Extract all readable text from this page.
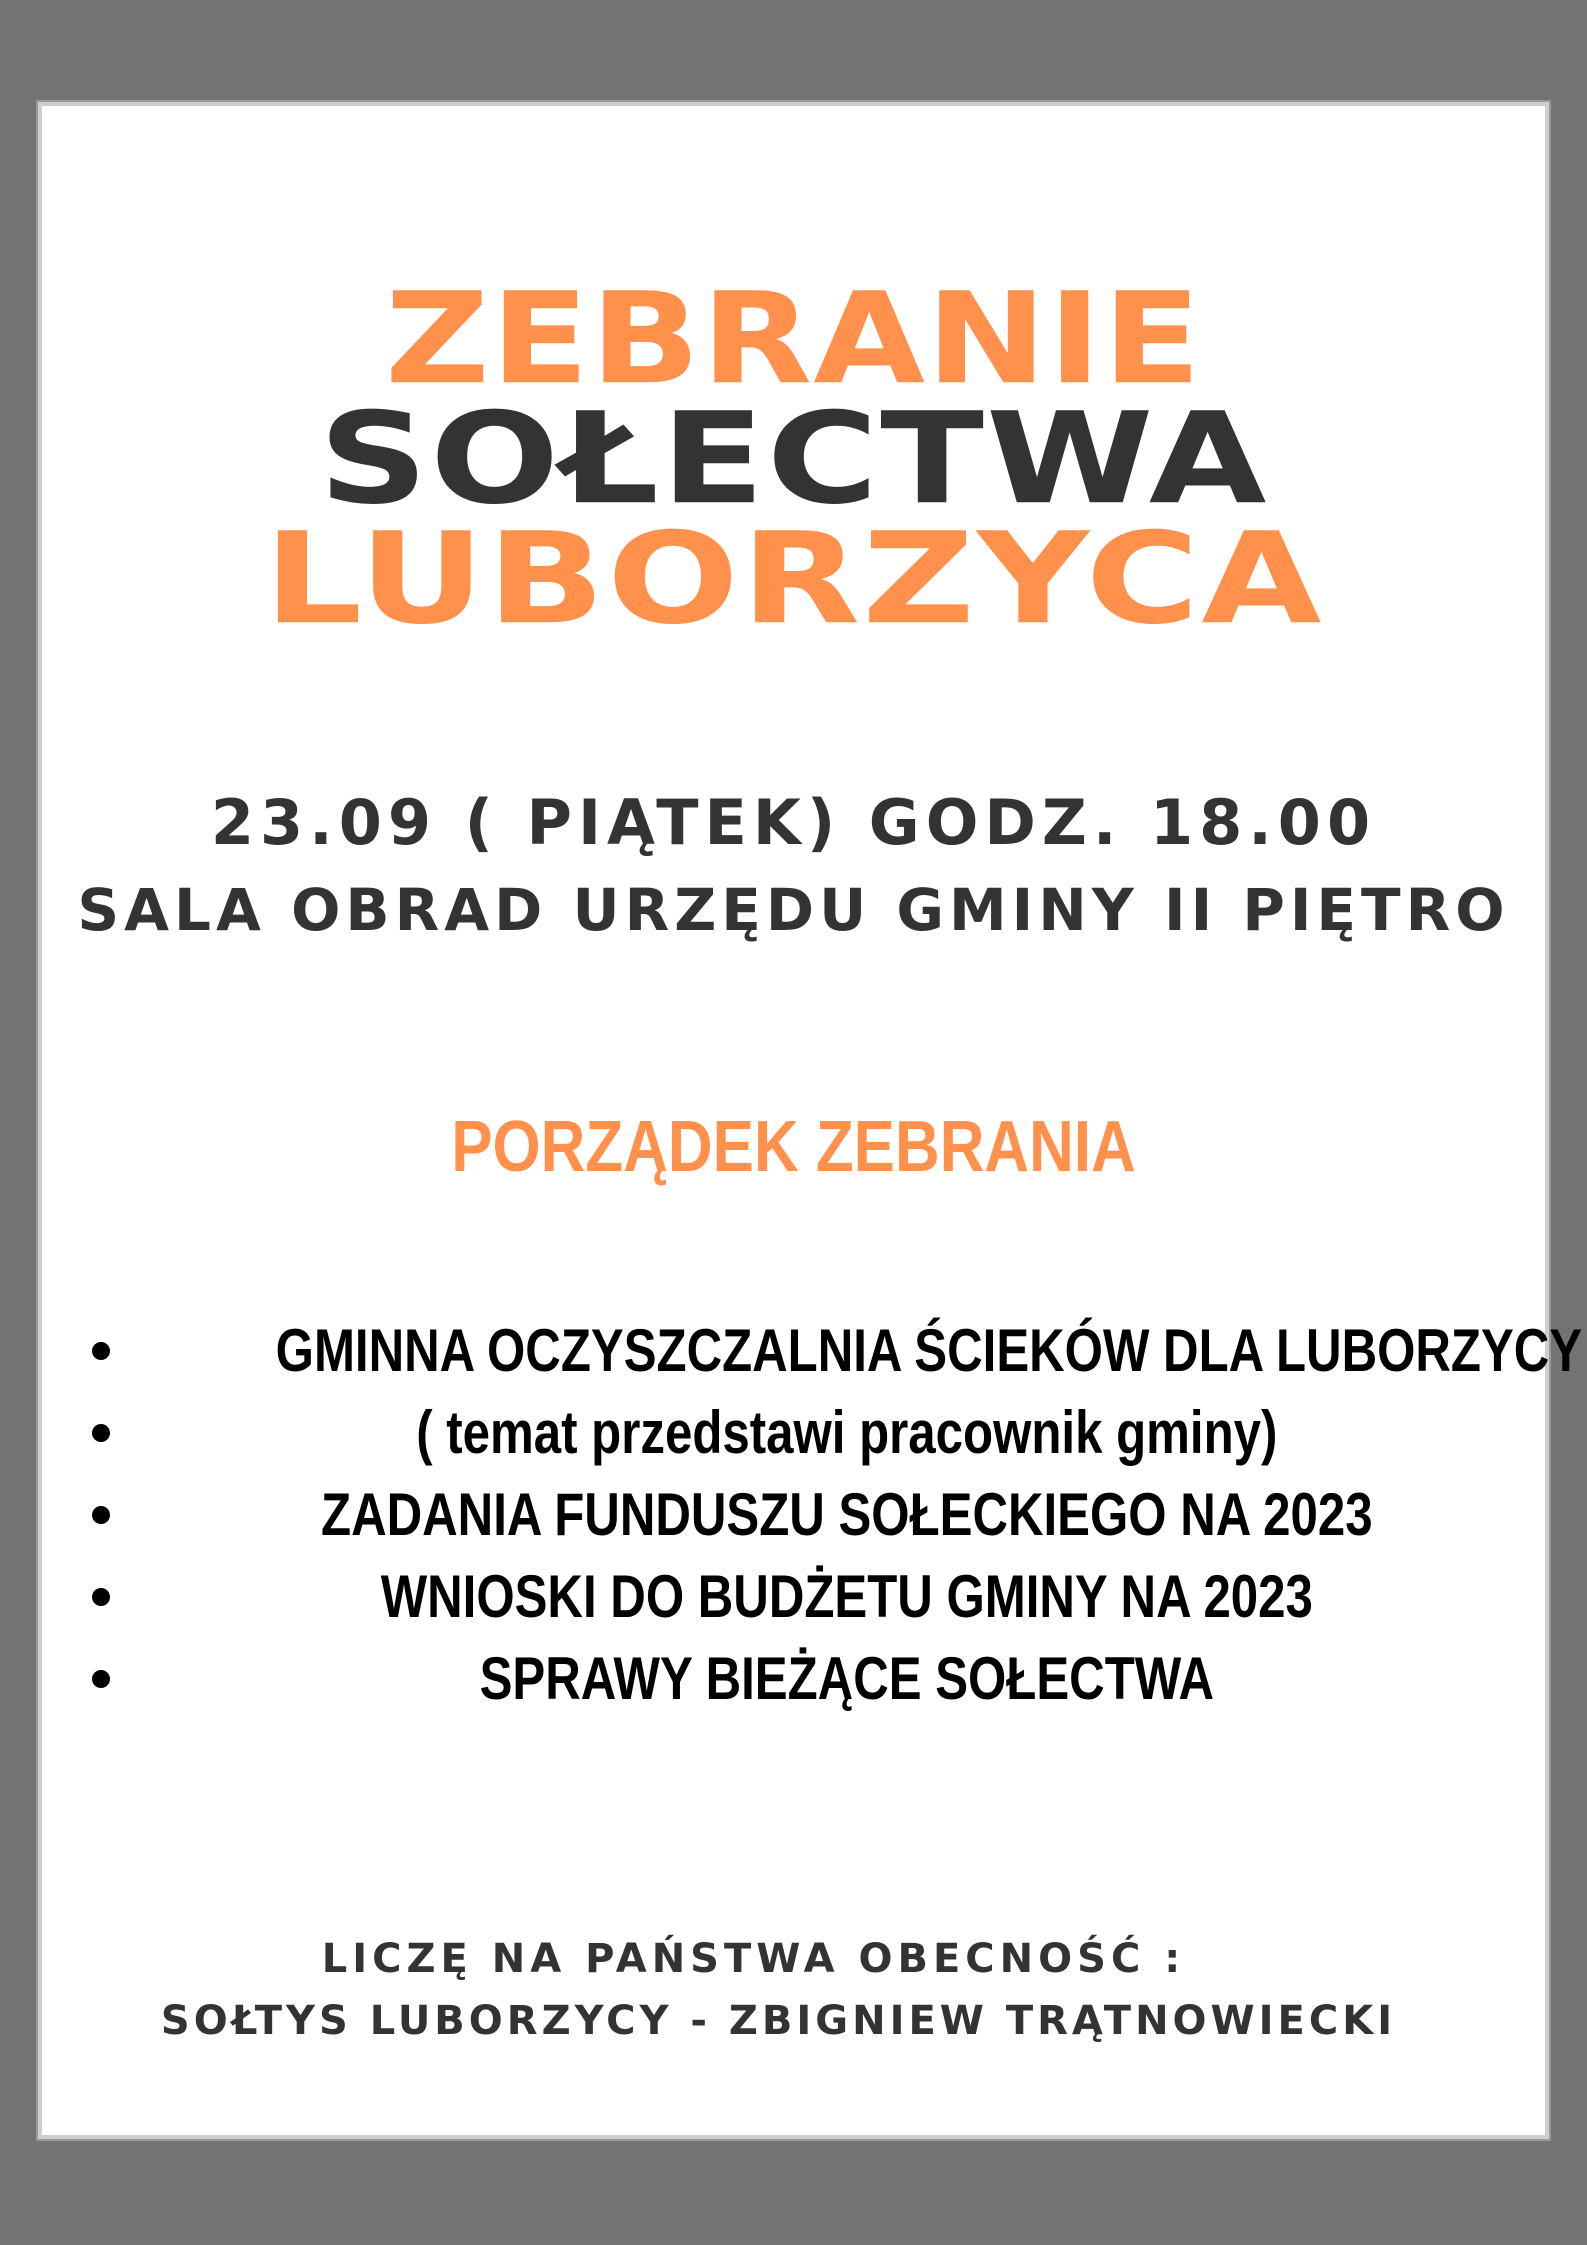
ZEBRANIE
SOŁECTWA
LUBORZYCA
23.09 ( PIĄTEK) GODZ. 18.00
SALA OBRAD URZĘDU GMINY II PIĘTRO
PORZĄDEK ZEBRANIA
GMINNA OCZYSZCZALNIA ŚCIEKÓW DLA LUBORZYCY
( temat przedstawi pracownik gminy)
ZADANIA FUNDUSZU SOŁECKIEGO NA 2023
WNIOSKI DO BUDŻETU GMINY NA 2023
SPRAWY BIEŻĄCE SOŁECTWA
LICZĘ NA PAŃSTWA OBECNOŚĆ :
SOŁTYS LUBORZYCY - ZBIGNIEW TRĄTNOWIECKI
